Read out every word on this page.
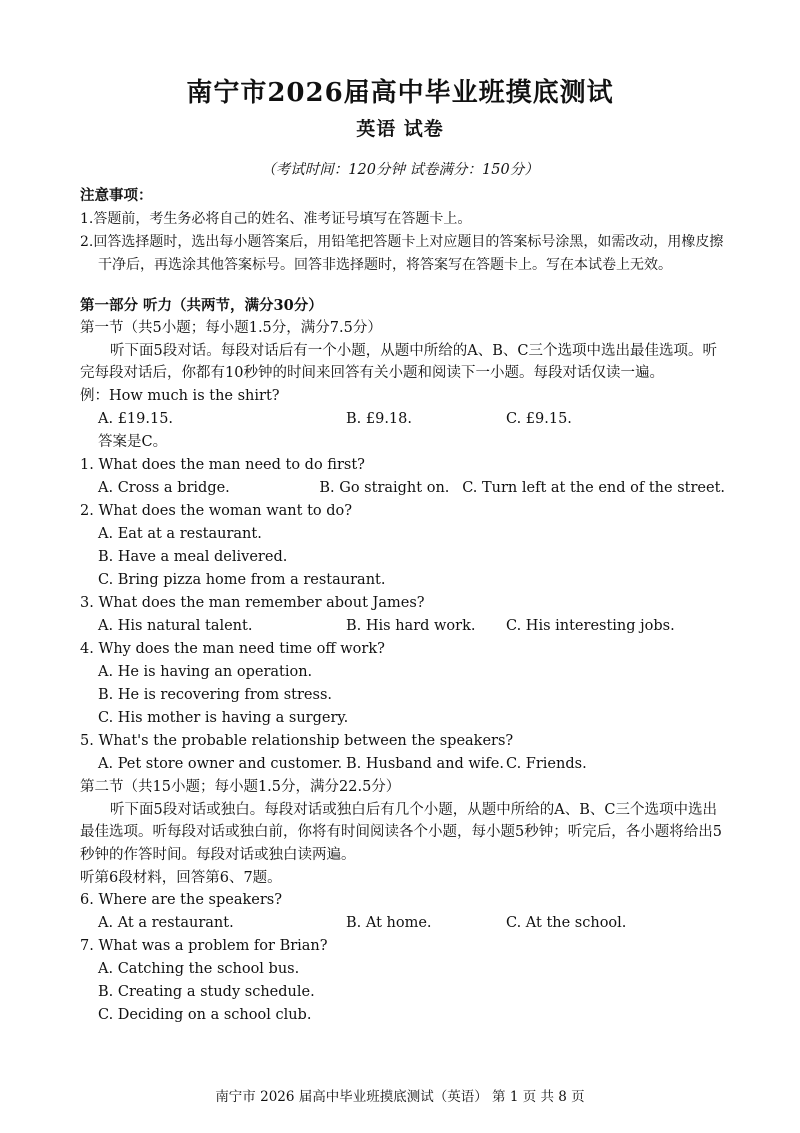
南宁市2026届高中毕业班摸底测试
英语 试卷
（考试时间：120分钟 试卷满分：150分）
注意事项：
1.答题前，考生务必将自己的姓名、准考证号填写在答题卡上。
2.回答选择题时，选出每小题答案后，用铅笔把答题卡上对应题目的答案标号涂黑，如需改动，用橡皮擦干净后，再选涂其他答案标号。回答非选择题时，将答案写在答题卡上。写在本试卷上无效。
第一部分 听力（共两节，满分30分）
第一节（共5小题；每小题1.5分，满分7.5分）
听下面5段对话。每段对话后有一个小题，从题中所给的A、B、C三个选项中选出最佳选项。听完每段对话后，你都有10秒钟的时间来回答有关小题和阅读下一小题。每段对话仅读一遍。
例：How much is the shirt?
A. £19.15.	B. £9.18.	C. £9.15.
答案是C。
1. What does the man need to do first?
A. Cross a bridge.	B. Go straight on. C. Turn left at the end of the street.
2. What does the woman want to do?
A. Eat at a restaurant.
B. Have a meal delivered.
C. Bring pizza home from a restaurant.
3. What does the man remember about James?
A. His natural talent.	B. His hard work.	C. His interesting jobs.
4. Why does the man need time off work?
A. He is having an operation.
B. He is recovering from stress.
C. His mother is having a surgery.
5. What's the probable relationship between the speakers?
A. Pet store owner and customer. B. Husband and wife. C. Friends.
第二节（共15小题；每小题1.5分，满分22.5分）
听下面5段对话或独白。每段对话或独白后有几个小题，从题中所给的A、B、C三个选项中选出最佳选项。听每段对话或独白前，你将有时间阅读各个小题，每小题5秒钟；听完后，各小题将给出5秒钟的作答时间。每段对话或独白读两遍。
听第6段材料，回答第6、7题。
6. Where are the speakers?
A. At a restaurant.	B. At home.	C. At the school.
7. What was a problem for Brian?
A. Catching the school bus.
B. Creating a study schedule.
C. Deciding on a school club.
南宁市 2026 届高中毕业班摸底测试（英语） 第 1 页 共 8 页
